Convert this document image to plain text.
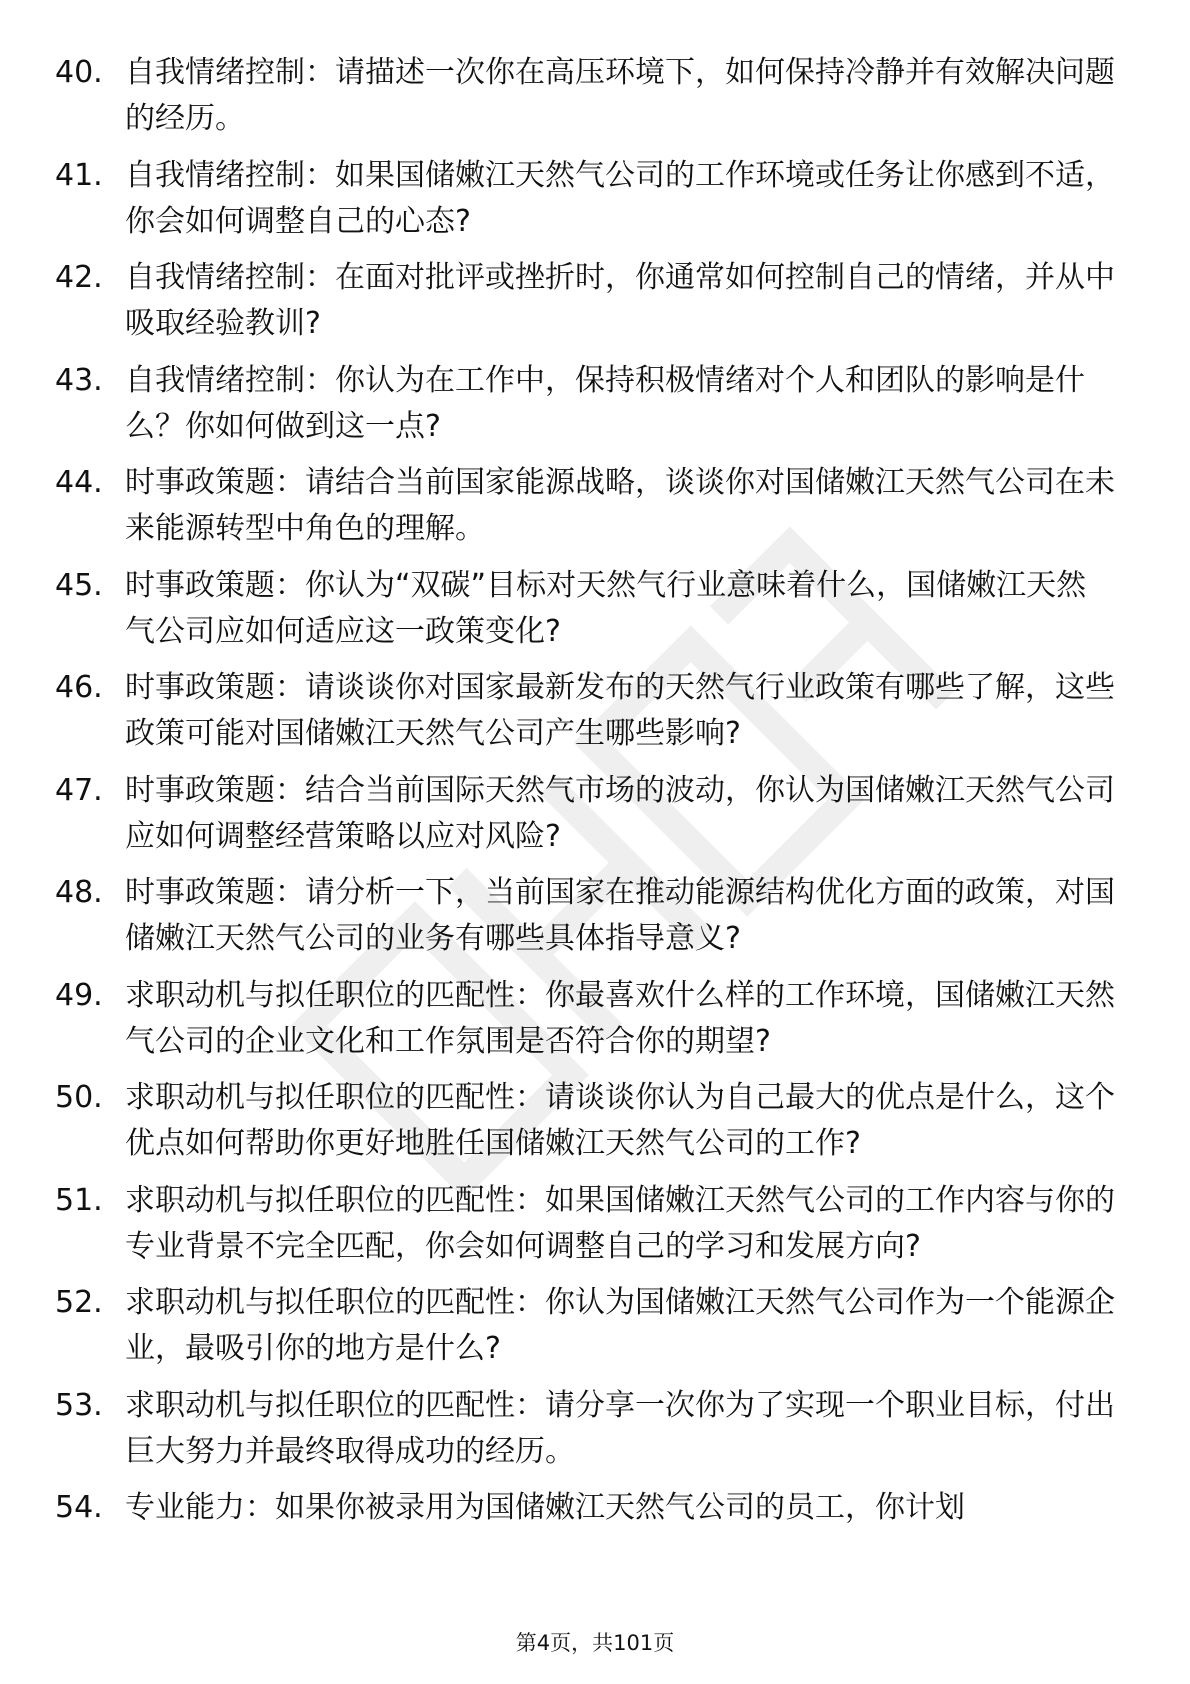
40. 自我情绪控制：请描述一次你在高压环境下，如何保持冷静并有效解决问题的经历。
41. 自我情绪控制：如果国储嫩江天然气公司的工作环境或任务让你感到不适，你会如何调整自己的心态?
42. 自我情绪控制：在面对批评或挫折时，你通常如何控制自己的情绪，并从中吸取经验教训?
43. 自我情绪控制：你认为在工作中，保持积极情绪对个人和团队的影响是什么？你如何做到这一点?
44. 时事政策题：请结合当前国家能源战略，谈谈你对国储嫩江天然气公司在未来能源转型中角色的理解。
45. 时事政策题：你认为“双碳”目标对天然气行业意味着什么，国储嫩江天然气公司应如何适应这一政策变化?
46. 时事政策题：请谈谈你对国家最新发布的天然气行业政策有哪些了解，这些政策可能对国储嫩江天然气公司产生哪些影响?
47. 时事政策题：结合当前国际天然气市场的波动，你认为国储嫩江天然气公司应如何调整经营策略以应对风险?
48. 时事政策题：请分析一下，当前国家在推动能源结构优化方面的政策，对国储嫩江天然气公司的业务有哪些具体指导意义?
49. 求职动机与拟任职位的匹配性：你最喜欢什么样的工作环境，国储嫩江天然气公司的企业文化和工作氛围是否符合你的期望?
50. 求职动机与拟任职位的匹配性：请谈谈你认为自己最大的优点是什么，这个优点如何帮助你更好地胜任国储嫩江天然气公司的工作?
51. 求职动机与拟任职位的匹配性：如果国储嫩江天然气公司的工作内容与你的专业背景不完全匹配，你会如何调整自己的学习和发展方向?
52. 求职动机与拟任职位的匹配性：你认为国储嫩江天然气公司作为一个能源企业，最吸引你的地方是什么?
53. 求职动机与拟任职位的匹配性：请分享一次你为了实现一个职业目标，付出巨大努力并最终取得成功的经历。
54. 专业能力：如果你被录用为国储嫩江天然气公司的员工，你计划
第4页，共101页
